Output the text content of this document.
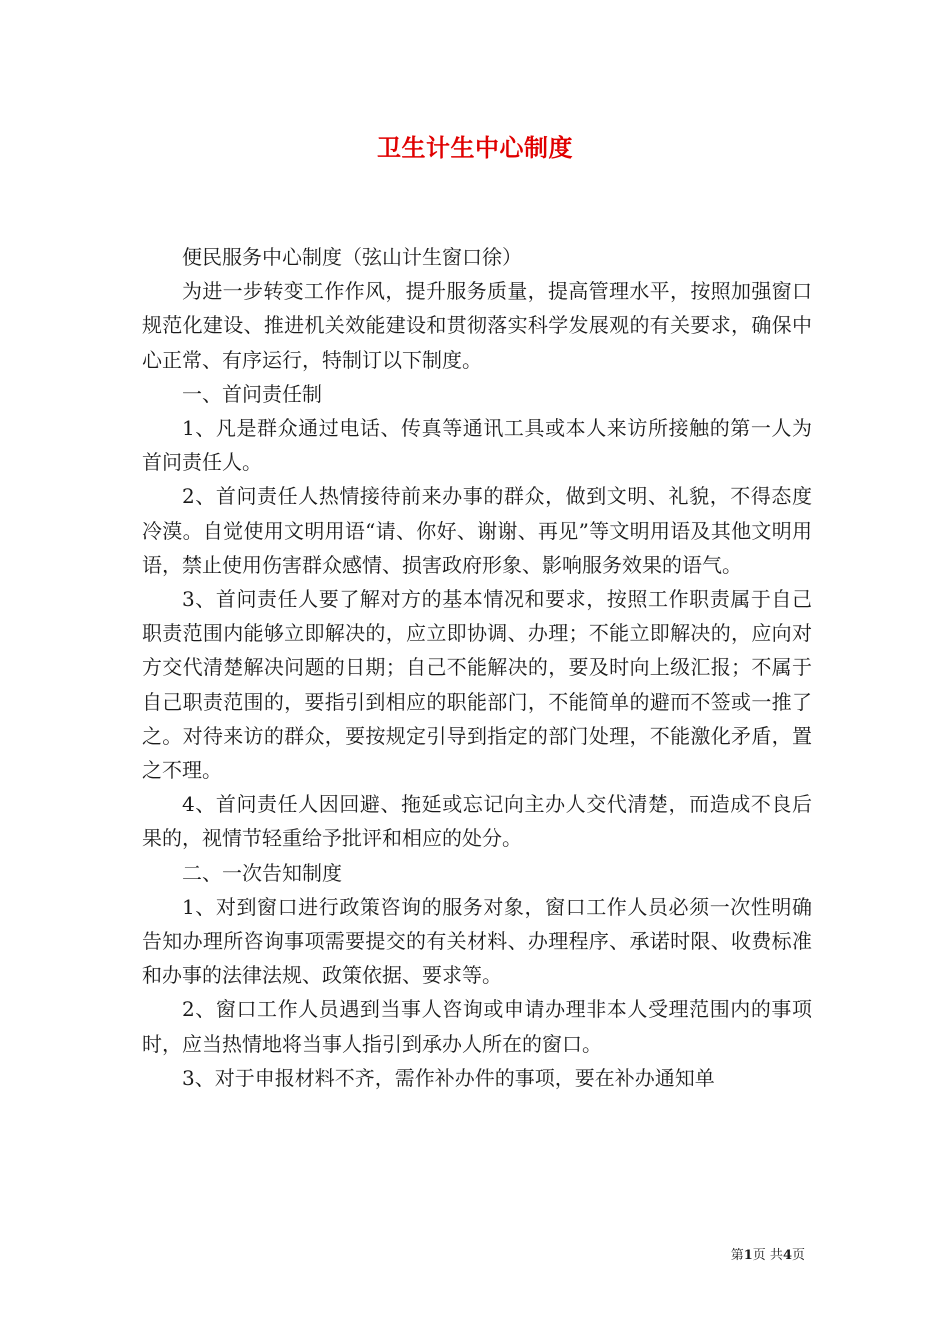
卫生计生中心制度

便民服务中心制度（弦山计生窗口徐）

为进一步转变工作作风，提升服务质量，提高管理水平，按照加强窗口规范化建设、推进机关效能建设和贯彻落实科学发展观的有关要求，确保中心正常、有序运行，特制订以下制度。

一、首问责任制

1、凡是群众通过电话、传真等通讯工具或本人来访所接触的第一人为首问责任人。

2、首问责任人热情接待前来办事的群众，做到文明、礼貌，不得态度冷漠。自觉使用文明用语“请、你好、谢谢、再见”等文明用语及其他文明用语，禁止使用伤害群众感情、损害政府形象、影响服务效果的语气。

3、首问责任人要了解对方的基本情况和要求，按照工作职责属于自己职责范围内能够立即解决的，应立即协调、办理；不能立即解决的，应向对方交代清楚解决问题的日期；自己不能解决的，要及时向上级汇报；不属于自己职责范围的，要指引到相应的职能部门，不能简单的避而不签或一推了之。对待来访的群众，要按规定引导到指定的部门处理，不能激化矛盾，置之不理。

4、首问责任人因回避、拖延或忘记向主办人交代清楚，而造成不良后果的，视情节轻重给予批评和相应的处分。

二、一次告知制度

1、对到窗口进行政策咨询的服务对象，窗口工作人员必须一次性明确告知办理所咨询事项需要提交的有关材料、办理程序、承诺时限、收费标准和办事的法律法规、政策依据、要求等。

2、窗口工作人员遇到当事人咨询或申请办理非本人受理范围内的事项时，应当热情地将当事人指引到承办人所在的窗口。

3、对于申报材料不齐，需作补办件的事项，要在补办通知单

第1页 共4页
